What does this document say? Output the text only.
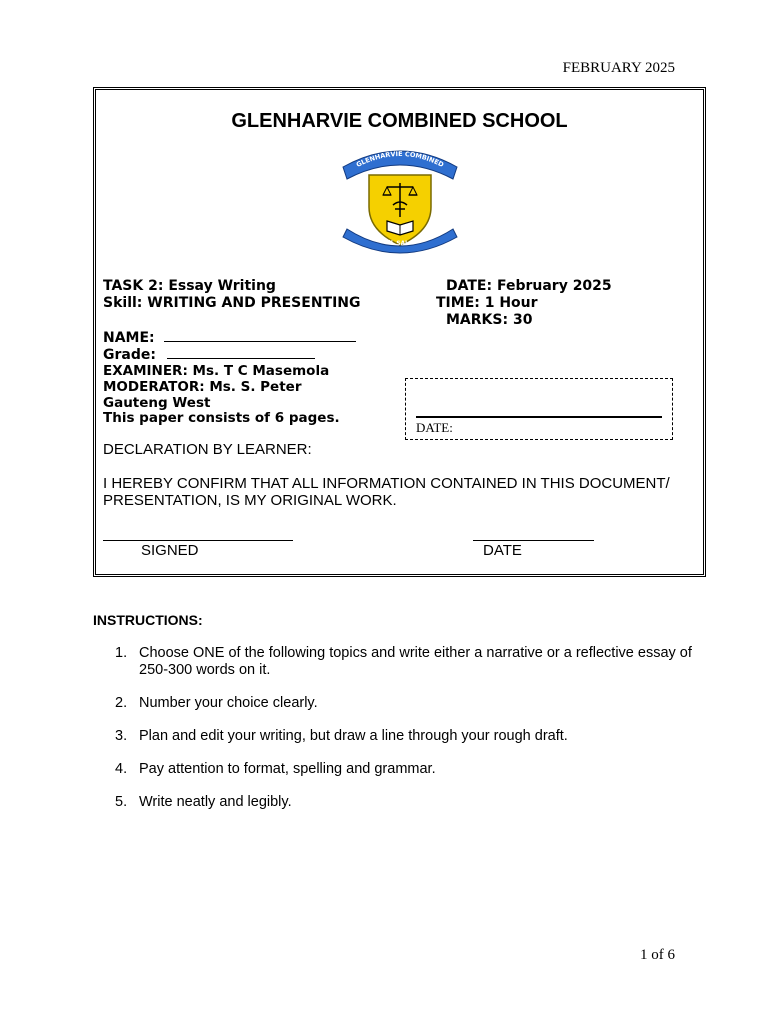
FEBRUARY 2025
GLENHARVIE COMBINED SCHOOL
GLENHARVIE COMBINED
WIE WIL SAL SLAAG
TASK 2: Essay Writing
Skill: WRITING AND PRESENTING
DATE: February 2025
TIME: 1 Hour
MARKS: 30
NAME:
Grade:
EXAMINER: Ms. T C Masemola
MODERATOR: Ms. S. Peter
Gauteng West
This paper consists of 6 pages.
DATE:
DECLARATION BY LEARNER:
I HEREBY CONFIRM THAT ALL INFORMATION CONTAINED IN THIS DOCUMENT/
PRESENTATION, IS MY ORIGINAL WORK.
SIGNED	DATE
INSTRUCTIONS:
1. Choose ONE of the following topics and write either a narrative or a reflective essay of 250-300 words on it.
2. Number your choice clearly.
3. Plan and edit your writing, but draw a line through your rough draft.
4. Pay attention to format, spelling and grammar.
5. Write neatly and legibly.
1 of 6
